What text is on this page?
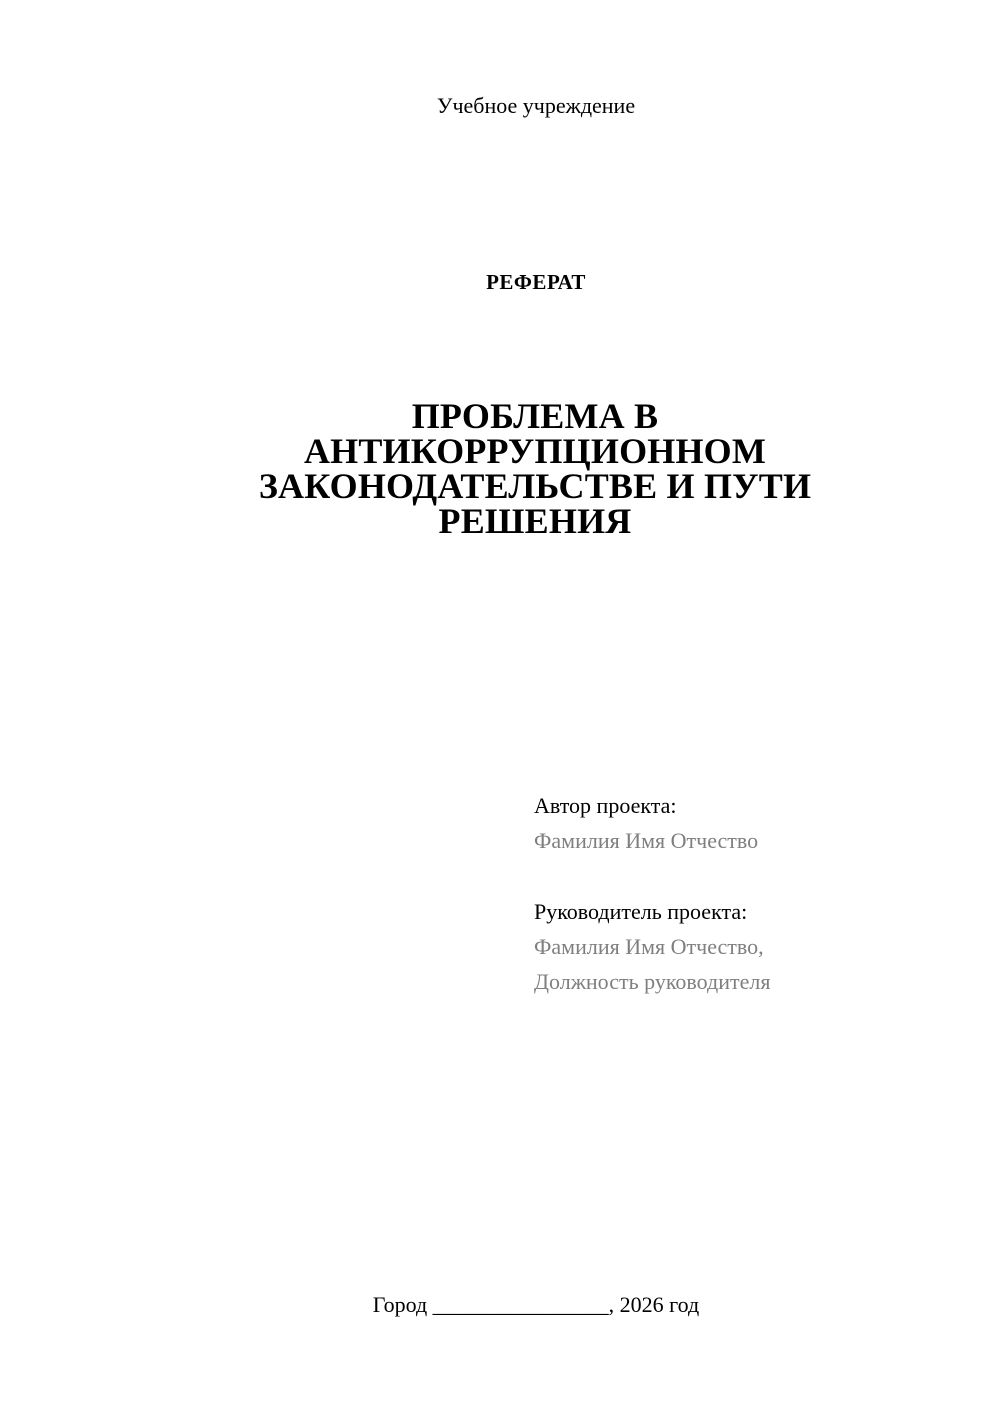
Учебное учреждение
РЕФЕРАТ
ПРОБЛЕМА В
АНТИКОРРУПЦИОННОМ
ЗАКОНОДАТЕЛЬСТВЕ И ПУТИ
РЕШЕНИЯ
Автор проекта:
Фамилия Имя Отчество
Руководитель проекта:
Фамилия Имя Отчество,
Должность руководителя
Город ________________, 2026 год
